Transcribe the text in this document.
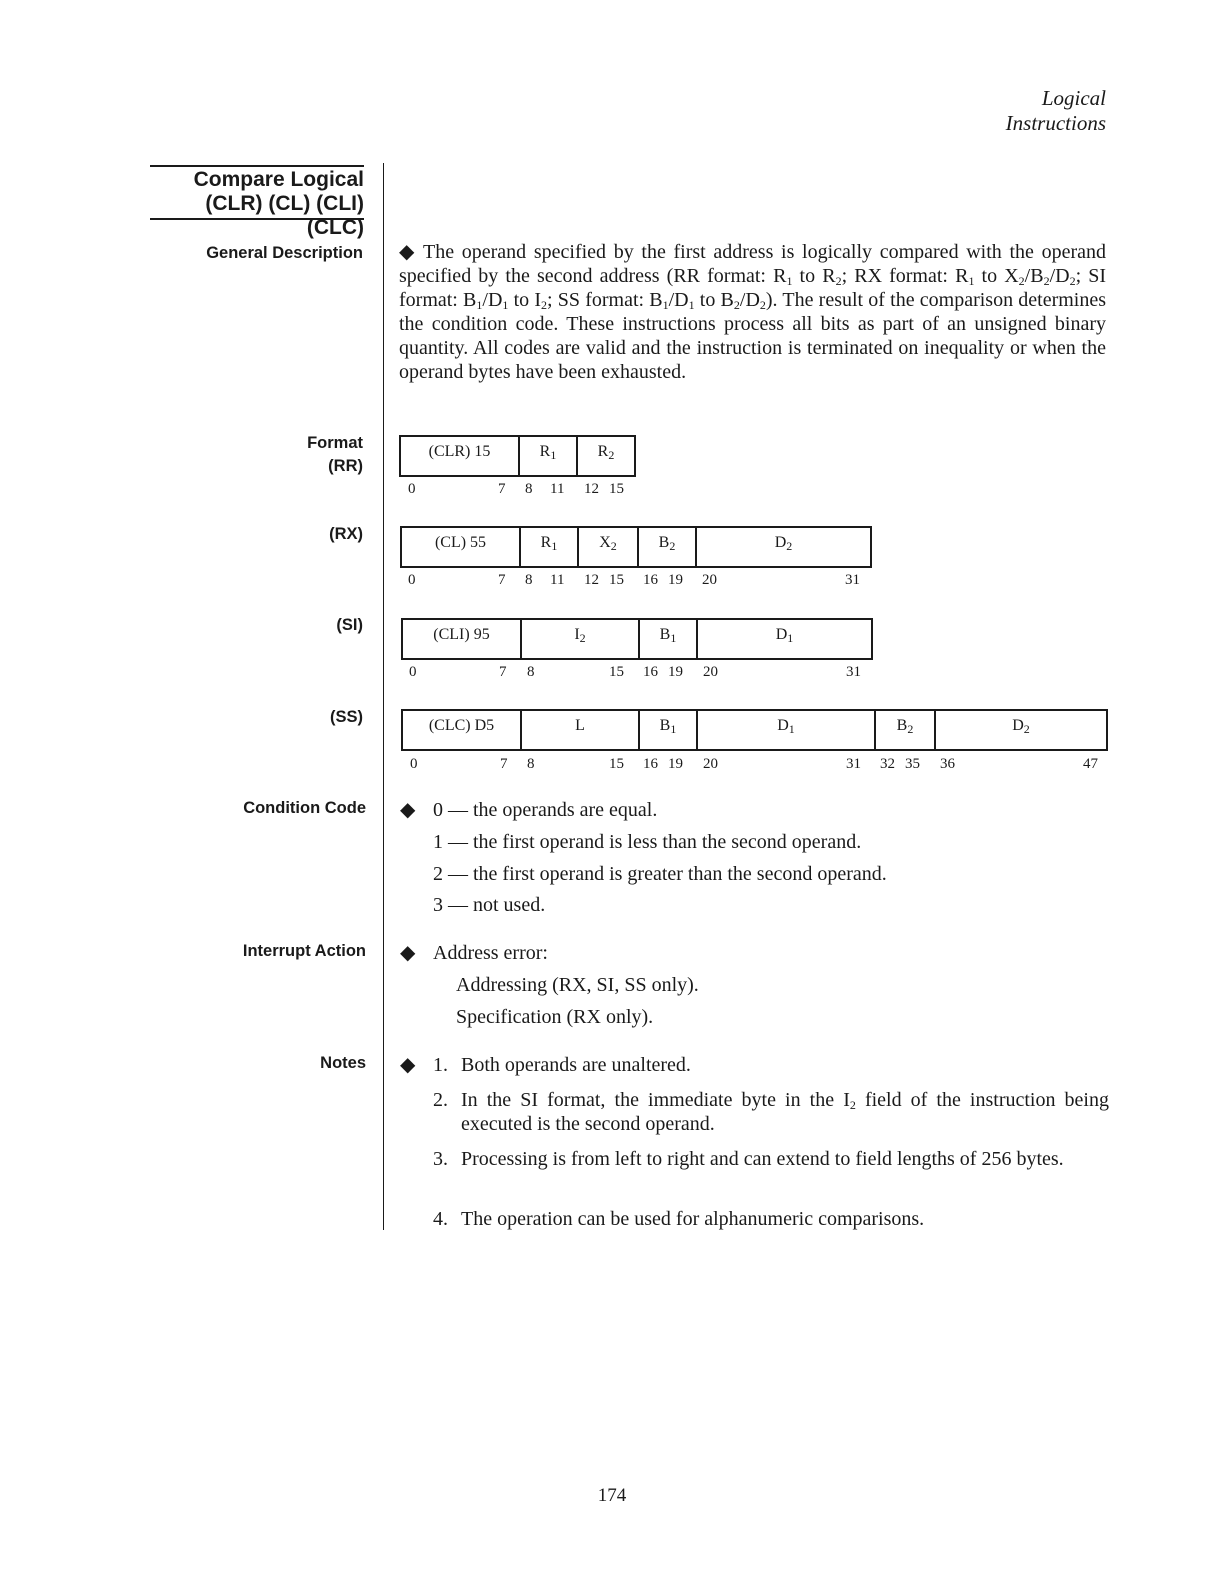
Logical
Instructions
Compare Logical
(CLR) (CL) (CLI) (CLC)
General Description
Format
(RR)
(RX)
(SI)
(SS)
Condition Code
Interrupt Action
Notes
◆ The operand specified by the first address is logically compared with the operand specified by the second address (RR format: $R_1$ to $R_2$; RX format: $R_1$ to $X_2/B_2/D_2$; SI format: $B_1/D_1$ to $I_2$; SS format: $B_1/D_1$ to $B_2/D_2$). The result of the comparison determines the condition code. These instructions process all bits as part of an unsigned binary quantity. All codes are valid and the instruction is terminated on inequality or when the operand bytes have been exhausted.
(CLR) 15	$R_1$	$R_2$
0	7 8 11 12 15
(CL) 55	$R_1$	$X_2$	$B_2$	$D_2$
0	7 8 11 12 15 16 19 20	31
(CLI) 95	$I_2$	$B_1$	$D_1$
0	7 8	15 16 19 20	31
(CLC) D5	L	$B_1$	$D_1$	$B_2$	$D_2$
0	7 8	15 16 19 20	31 32 35 36	47
◆ 0 — the operands are equal.
1 — the first operand is less than the second operand.
2 — the first operand is greater than the second operand.
3 — not used.
◆ Address error:
Addressing (RX, SI, SS only).
Specification (RX only).
◆ 1. Both operands are unaltered.
2. In the SI format, the immediate byte in the $I_2$ field of the instruction being executed is the second operand.
3. Processing is from left to right and can extend to field lengths of 256 bytes.
4. The operation can be used for alphanumeric comparisons.
174
